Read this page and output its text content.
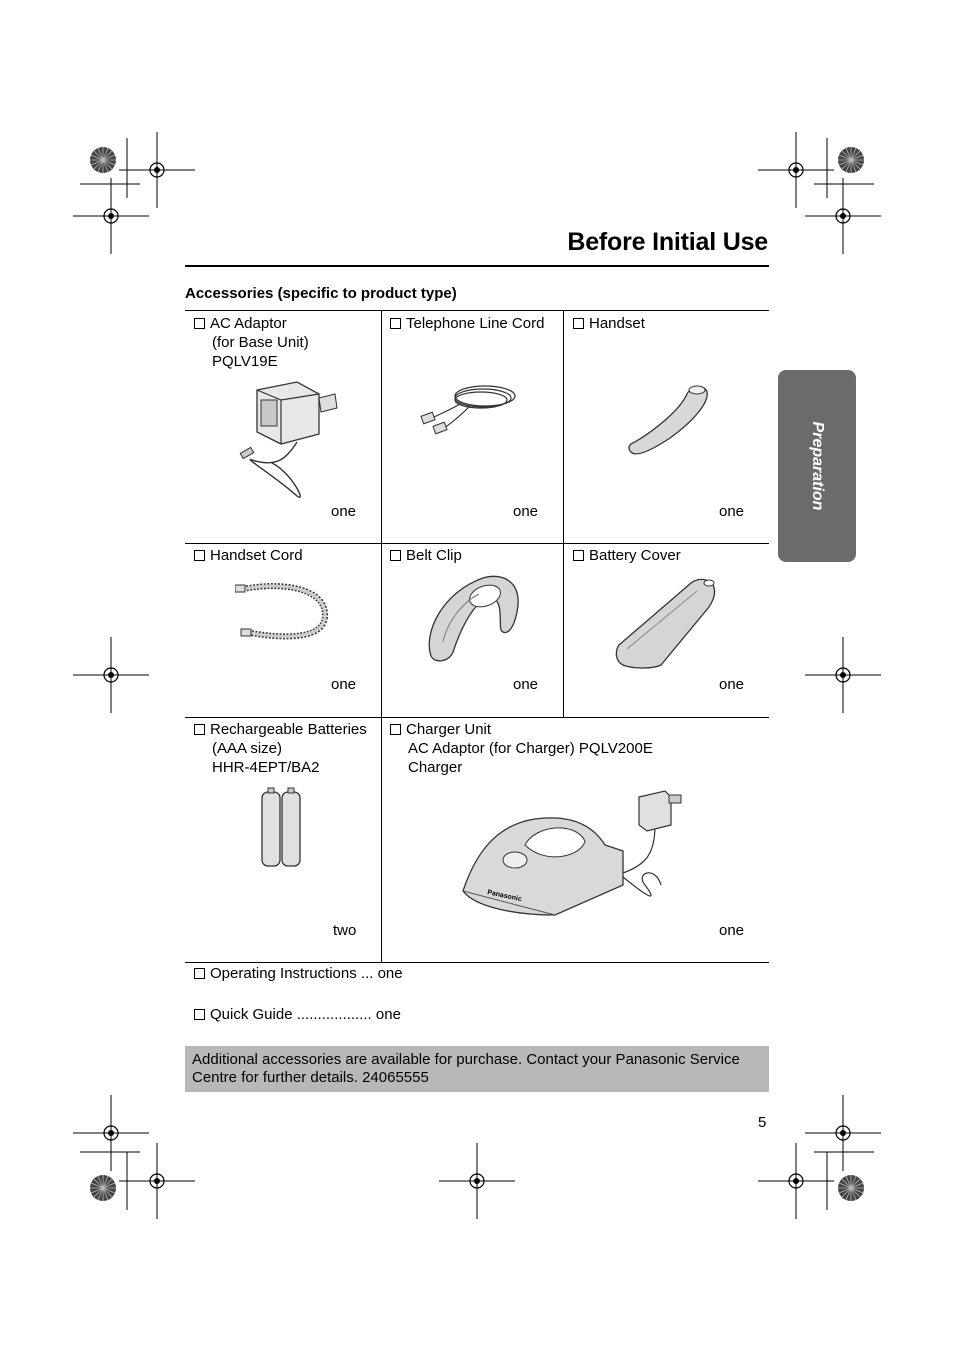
Before Initial Use
Accessories (specific to product type)
Preparation
AC Adaptor
(for Base Unit)
PQLV19E
one
Telephone Line Cord
one
Handset
one
Handset Cord
one
Belt Clip
one
Battery Cover
one
Rechargeable Batteries
(AAA size)
HHR-4EPT/BA2
two
Charger Unit
AC Adaptor (for Charger) PQLV200E
Charger
Panasonic
one
Operating Instructions ... one
Quick Guide .................. one
Additional accessories are available for purchase. Contact your Panasonic Service Centre for further details. 24065555
5
